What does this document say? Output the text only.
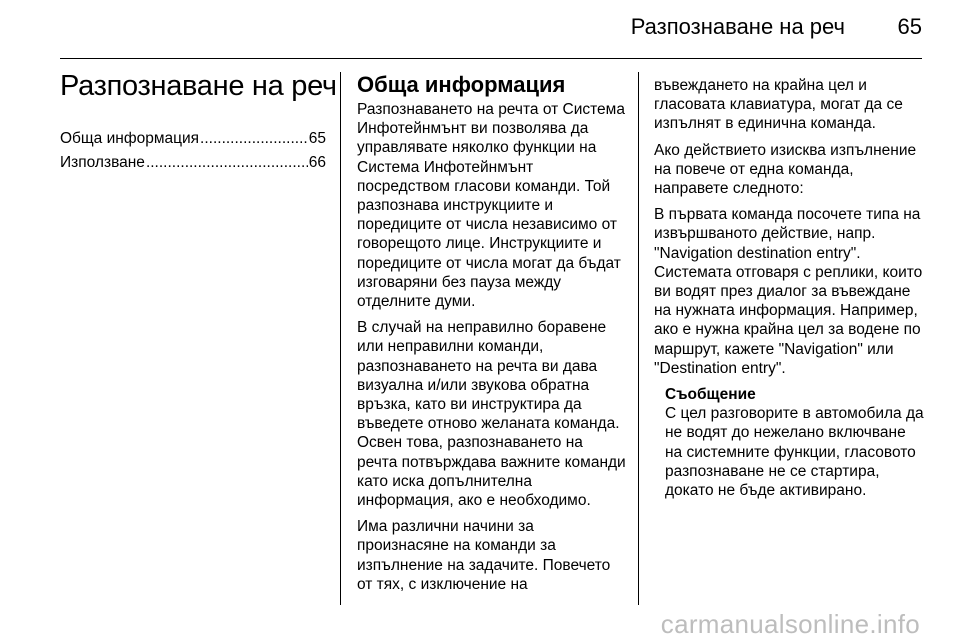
Разпознаване на реч 65
Разпознаване на реч
Обща информация .....	65
Използване .....	66
Обща информация

Разпознаването на речта от Система Инфотейнмънт ви позволява да управлявате няколко функции на Система Инфотейнмънт посредством гласови команди. Той разпознава инструкциите и поредиците от числа независимо от говорещото лице. Инструкциите и поредиците от числа могат да бъдат изговаряни без пауза между отделните думи.

В случай на неправилно боравене или неправилни команди, разпознаването на речта ви дава визуална и/или звукова обратна връзка, като ви инструктира да въведете отново желаната команда. Освен това, разпознаването на речта потвърждава важните команди като иска допълнителна информация, ако е необходимо.

Има различни начини за произнасяне на команди за изпълнение на задачите. Повечето от тях, с изключение на

въвеждането на крайна цел и гласовата клавиатура, могат да се изпълнят в единична команда.

Ако действието изисква изпълнение на повече от една команда, направете следното:

В първата команда посочете типа на извършваното действие, напр. "Navigation destination entry". Системата отговаря с реплики, които ви водят през диалог за въвеждане на нужната информация. Например, ако е нужна крайна цел за водене по маршрут, кажете "Navigation" или "Destination entry".

Съобщение

С цел разговорите в автомобила да не водят до нежелано включване на системните функции, гласовото разпознаване не се стартира, докато не бъде активирано.

carmanualsonline.info
